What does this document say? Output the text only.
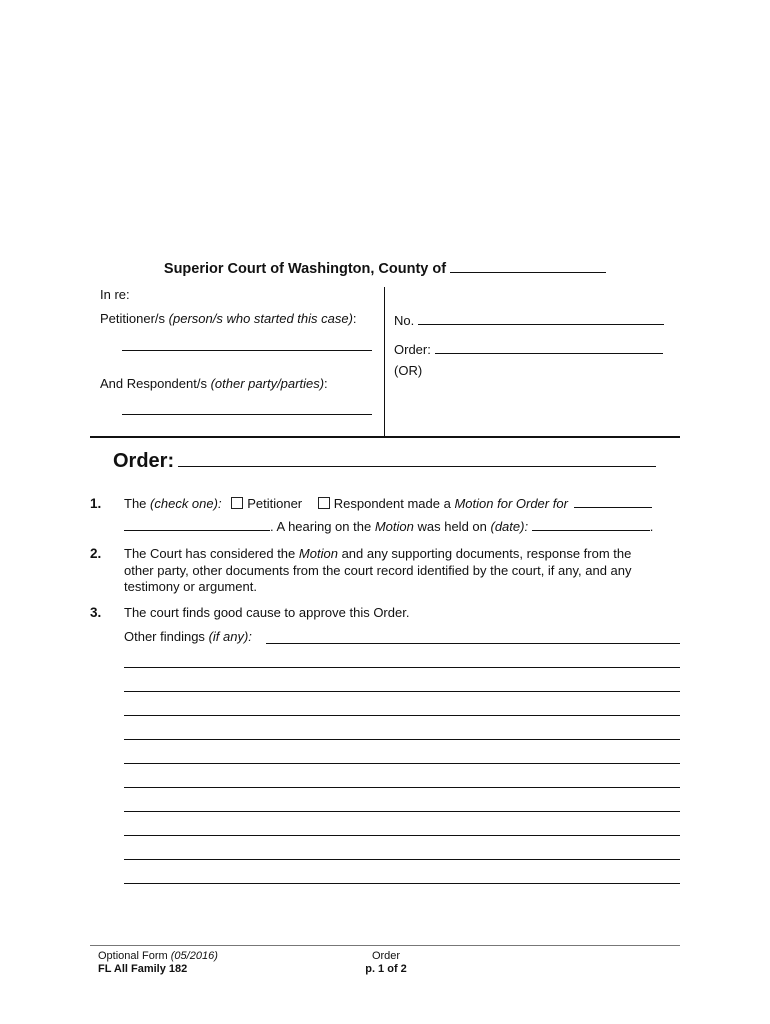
Superior Court of Washington, County of
In re:
Petitioner/s (person/s who started this case):
And Respondent/s (other party/parties):
No.
Order:
(OR)
Order:
1. The (check one): Petitioner Respondent made a Motion for Order for
. A hearing on the Motion was held on (date):	.
2. The Court has considered the Motion and any supporting documents, response from the
other party, other documents from the court record identified by the court, if any, and any
testimony or argument.
3. The court finds good cause to approve this Order.
Other findings (if any):
Optional Form (05/2016)
FL All Family 182
Order
p. 1 of 2
